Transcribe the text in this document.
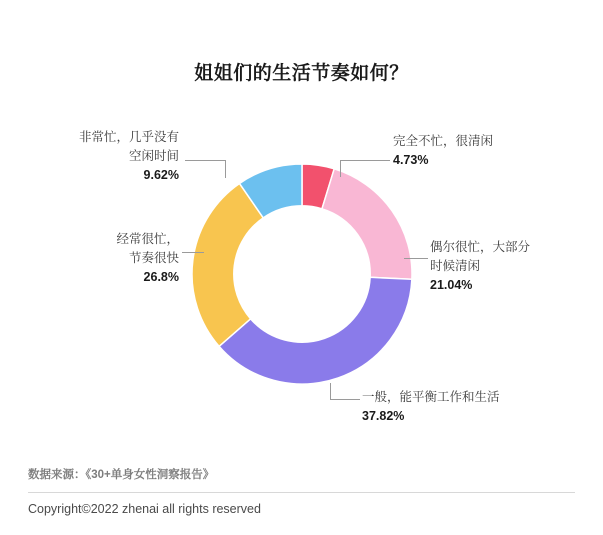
姐姐们的生活节奏如何？
完全不忙，很清闲
4.73%
偶尔很忙，大部分
时候清闲
21.04%
一般，能平衡工作和生活
37.82%
经常很忙，
节奏很快
26.8%
非常忙，几乎没有
空闲时间
9.62%
数据来源：《30+单身女性洞察报告》
Copyright©2022 zhenai all rights reserved
